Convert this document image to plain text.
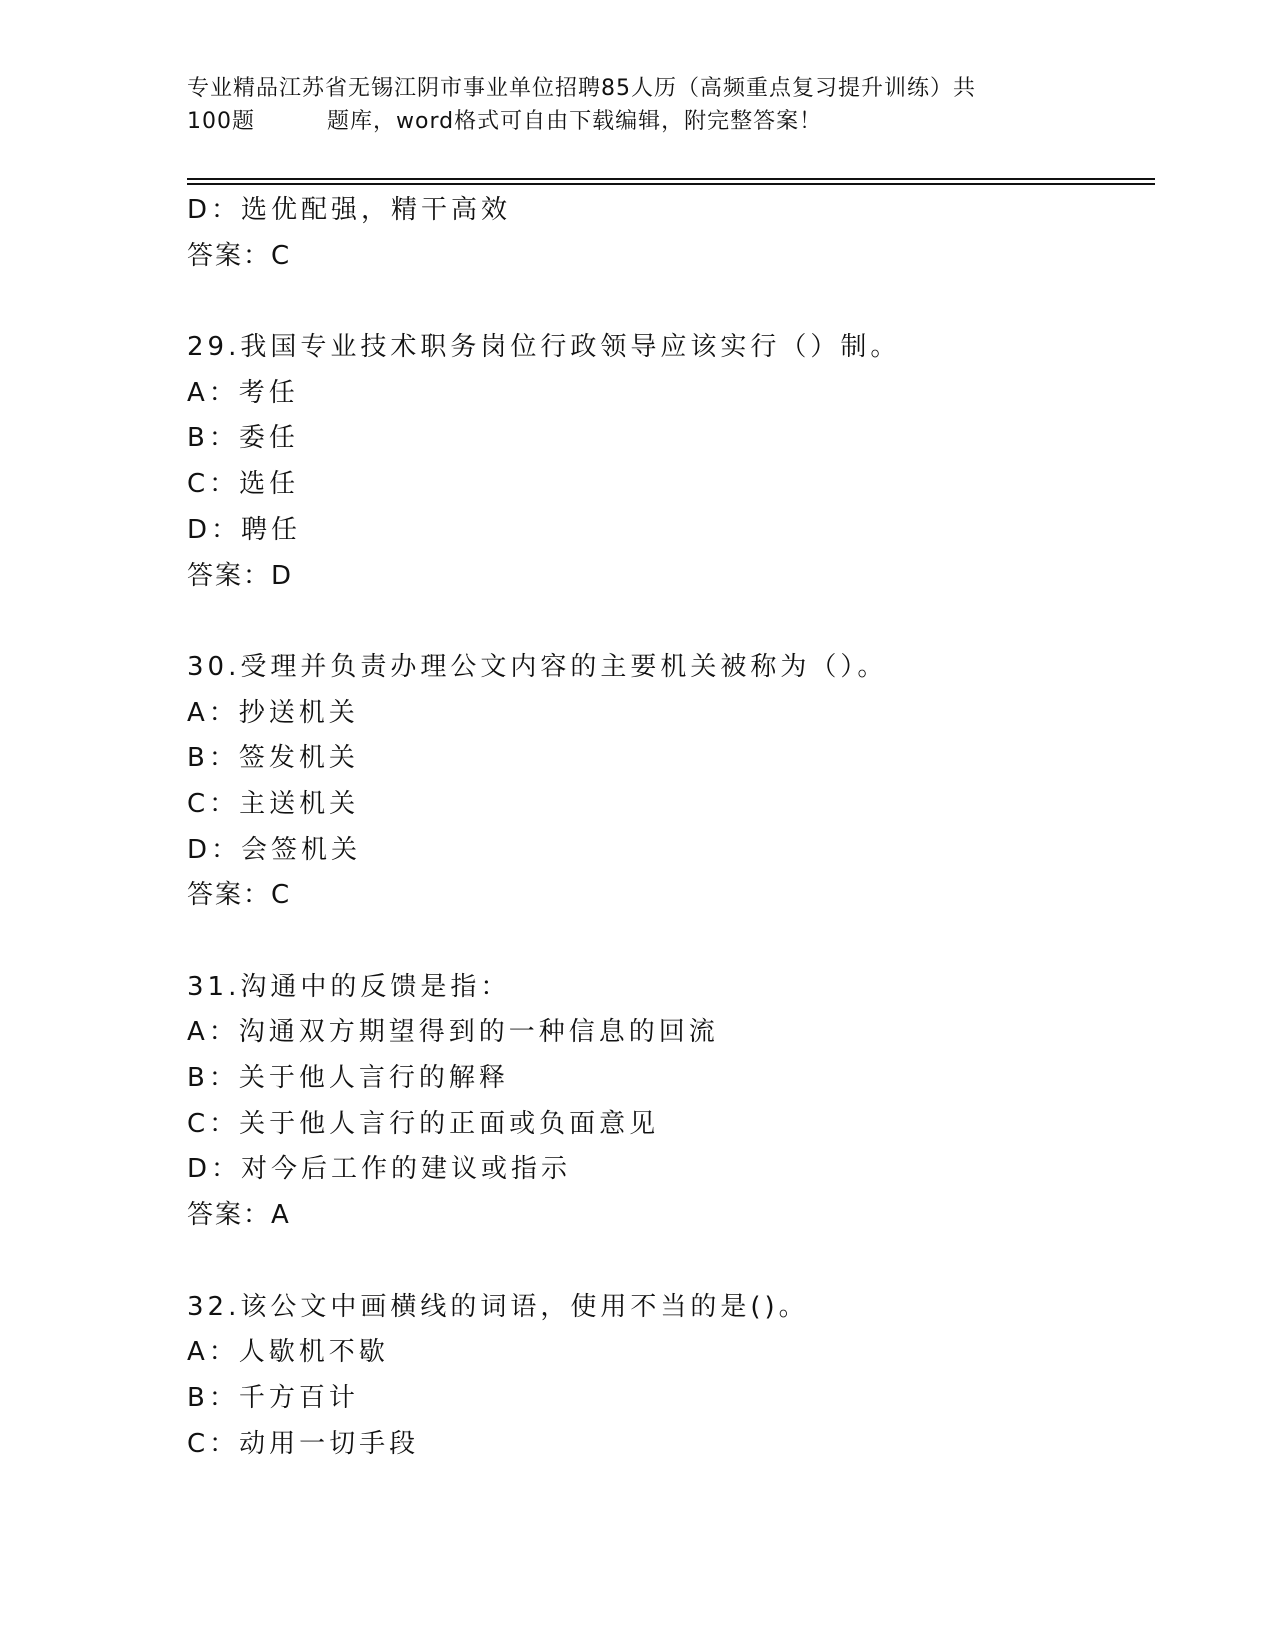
专业精品江苏省无锡江阴市事业单位招聘85人历（高频重点复习提升训练）共
100题	题库，word格式可自由下载编辑，附完整答案！
D：选优配强，精干高效
答案：C
29.我国专业技术职务岗位行政领导应该实行（）制。
A：考任
B：委任
C：选任
D：聘任
答案：D
30.受理并负责办理公文内容的主要机关被称为（）。
A：抄送机关
B：签发机关
C：主送机关
D：会签机关
答案：C
31.沟通中的反馈是指：
A：沟通双方期望得到的一种信息的回流
B：关于他人言行的解释
C：关于他人言行的正面或负面意见
D：对今后工作的建议或指示
答案：A
32.该公文中画横线的词语，使用不当的是()。
A：人歇机不歇
B：千方百计
C：动用一切手段
